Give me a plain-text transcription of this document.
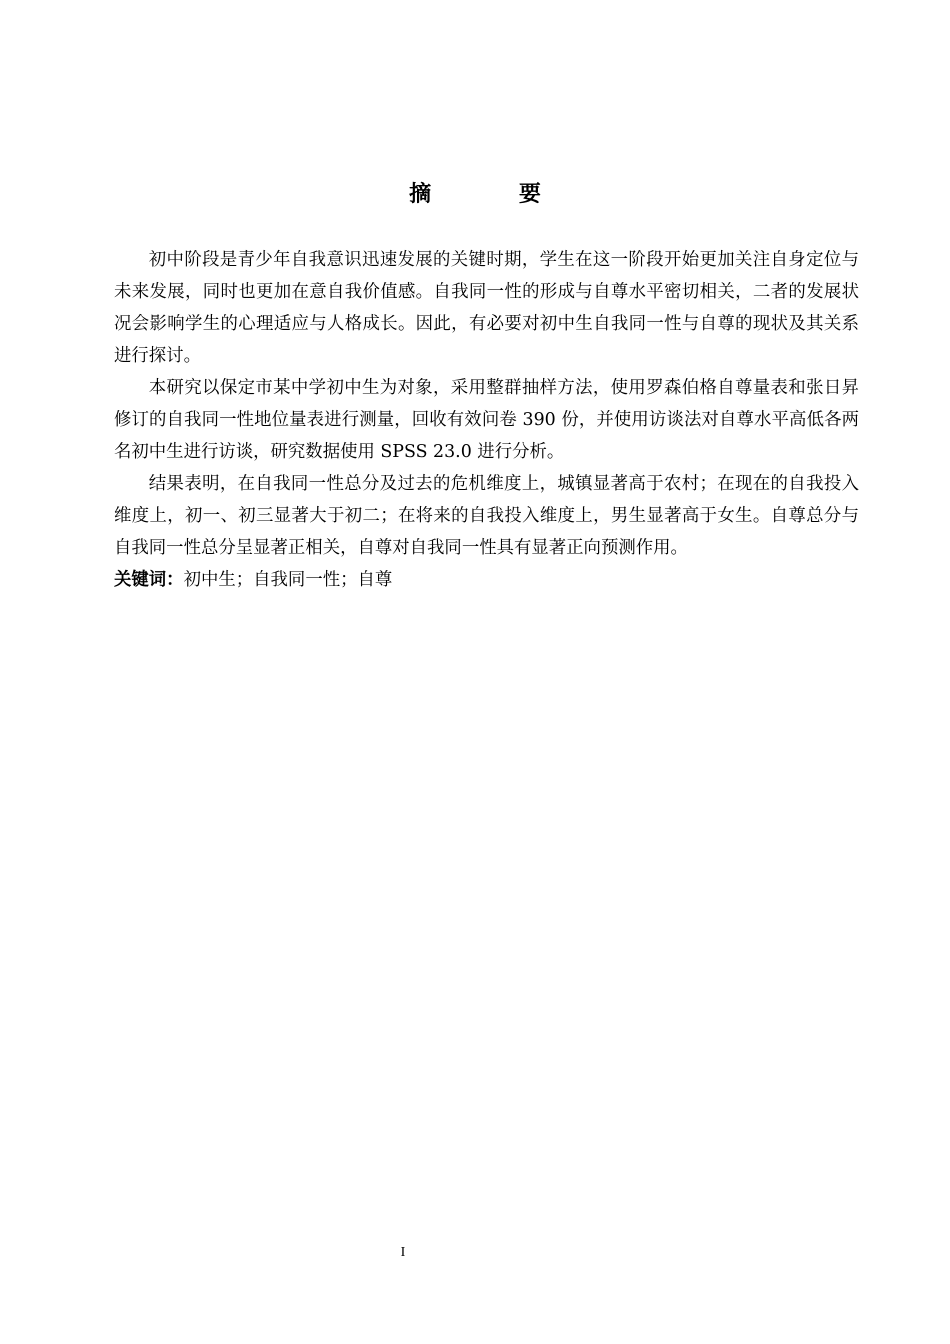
摘 要

初中阶段是青少年自我意识迅速发展的关键时期，学生在这一阶段开始更加关注自身定位与未来发展，同时也更加在意自我价值感。自我同一性的形成与自尊水平密切相关，二者的发展状况会影响学生的心理适应与人格成长。因此，有必要对初中生自我同一性与自尊的现状及其关系进行探讨。

本研究以保定市某中学初中生为对象，采用整群抽样方法，使用罗森伯格自尊量表和张日昇修订的自我同一性地位量表进行测量，回收有效问卷 390 份，并使用访谈法对自尊水平高低各两名初中生进行访谈，研究数据使用 SPSS 23.0 进行分析。

结果表明，在自我同一性总分及过去的危机维度上，城镇显著高于农村；在现在的自我投入维度上，初一、初三显著大于初二；在将来的自我投入维度上，男生显著高于女生。自尊总分与自我同一性总分呈显著正相关，自尊对自我同一性具有显著正向预测作用。

关键词：初中生；自我同一性；自尊

I
